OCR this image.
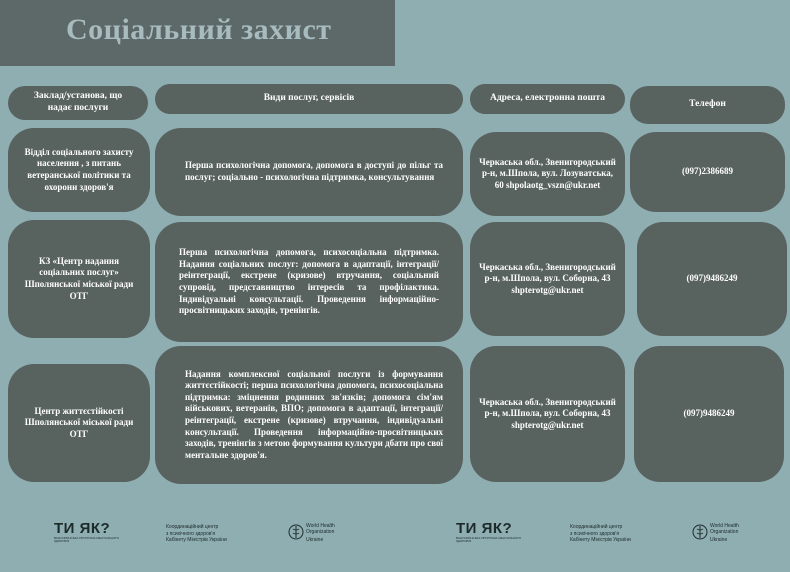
Соціальний захист
Заклад/установа, що надає послуги
Види послуг, сервісів	Адреса, електронна пошта
Телефон
Відділ соціального захисту населення , з питань ветеранської політики та охорони здоров'я
Перша психологічна допомога, допомога в доступі до пільг та послуг; соціально - психологічна підтримка, консультування
Черкаська обл., Звенигородський р-н, м.Шпола, вул. Лозуватська, 60 shpolaotg_vszn@ukr.net
(097)2386689
КЗ «Центр надання соціальних послуг» Шполянської міської ради ОТГ
Перша психологічна допомога, психосоціальна підтримка. Надання соціальних послуг: допомога в адаптації, інтеграції/реінтеграції, екстрене (кризове) втручання, соціальний супровід, представництво інтересів та профілактика. Індивідуальні консультації. Проведення інформаційно-просвітницьких заходів, тренінгів.
Черкаська обл., Звенигородський р-н, м.Шпола, вул. Соборна, 43 shpterotg@ukr.net
(097)9486249
Центр життєстійкості Шполянської міської ради ОТГ
Надання комплексної соціальної послуги із формування життєстійкості; перша психологічна допомога, психосоціальна підтримка: зміцнення родинних зв'язків; допомога сім'ям військових, ветеранів, ВПО; допомога в адаптації, інтеграції/реінтеграції, екстрене (кризове) втручання, індивідуальні консультації. Проведення інформаційно-просвітницьких заходів, тренінгів з метою формування культури дбати про свої ментальне здоров'я.
Черкаська обл., Звенигородський р-н, м.Шпола, вул. Соборна, 43 shpterotg@ukr.net
(097)9486249
ТИ ЯК?
ВСЕУКРАЇНСЬКА ПРОГРАМА МЕНТАЛЬНОГО ЗДОРОВ'Я
Координаційний центр
з психічного здоров'я
Кабінету Міністрів України
World Health
Organization
Ukraine
ТИ ЯК?
ВСЕУКРАЇНСЬКА ПРОГРАМА МЕНТАЛЬНОГО ЗДОРОВ'Я
Координаційний центр
з психічного здоров'я
Кабінету Міністрів України
World Health
Organization
Ukraine
